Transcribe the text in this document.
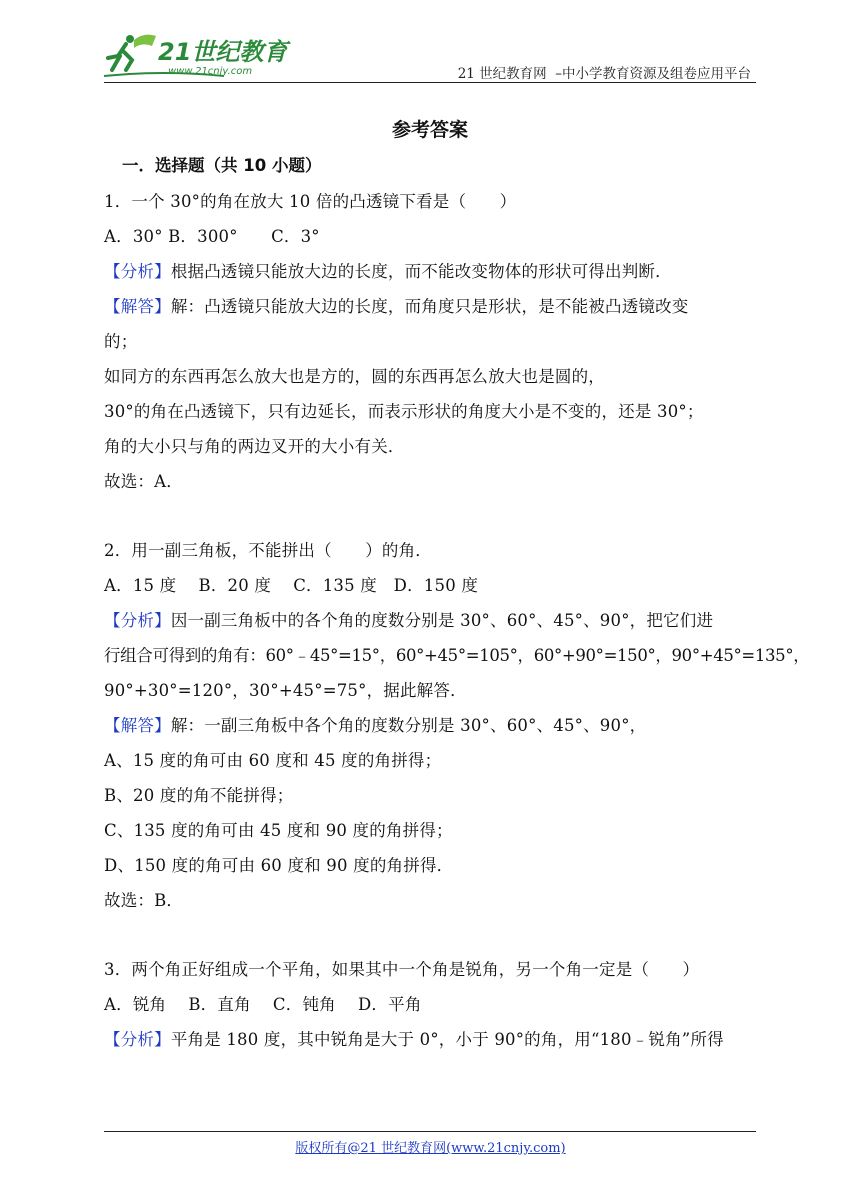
21世纪教育
www.21cnjy.com	21 世纪教育网  –中小学教育资源及组卷应用平台
参考答案
一．选择题（共 10 小题）
1．一个 30°的角在放大 10 倍的凸透镜下看是（　　）
A．30° B．300°　　C．3°
【分析】根据凸透镜只能放大边的长度，而不能改变物体的形状可得出判断．
【解答】解：凸透镜只能放大边的长度，而角度只是形状，是不能被凸透镜改变
的；
如同方的东西再怎么放大也是方的，圆的东西再怎么放大也是圆的，
30°的角在凸透镜下，只有边延长，而表示形状的角度大小是不变的，还是 30°；
角的大小只与角的两边叉开的大小有关．
故选：A．
2．用一副三角板，不能拼出（　　）的角．
A．15 度　 B．20 度　 C．135 度　D．150 度
【分析】因一副三角板中的各个角的度数分别是 30°、60°、45°、90°，把它们进
行组合可得到的角有：60°﹣45°=15°，60°+45°=105°，60°+90°=150°，90°+45°=135°，
90°+30°=120°，30°+45°=75°，据此解答．
【解答】解：一副三角板中各个角的度数分别是 30°、60°、45°、90°，
A、15 度的角可由 60 度和 45 度的角拼得；
B、20 度的角不能拼得；
C、135 度的角可由 45 度和 90 度的角拼得；
D、150 度的角可由 60 度和 90 度的角拼得．
故选：B．
3．两个角正好组成一个平角，如果其中一个角是锐角，另一个角一定是（　　）
A．锐角　 B．直角　 C．钝角　 D．平角
【分析】平角是 180 度，其中锐角是大于 0°，小于 90°的角，用“180﹣锐角”所得
版权所有@21 世纪教育网(www.21cnjy.com)
